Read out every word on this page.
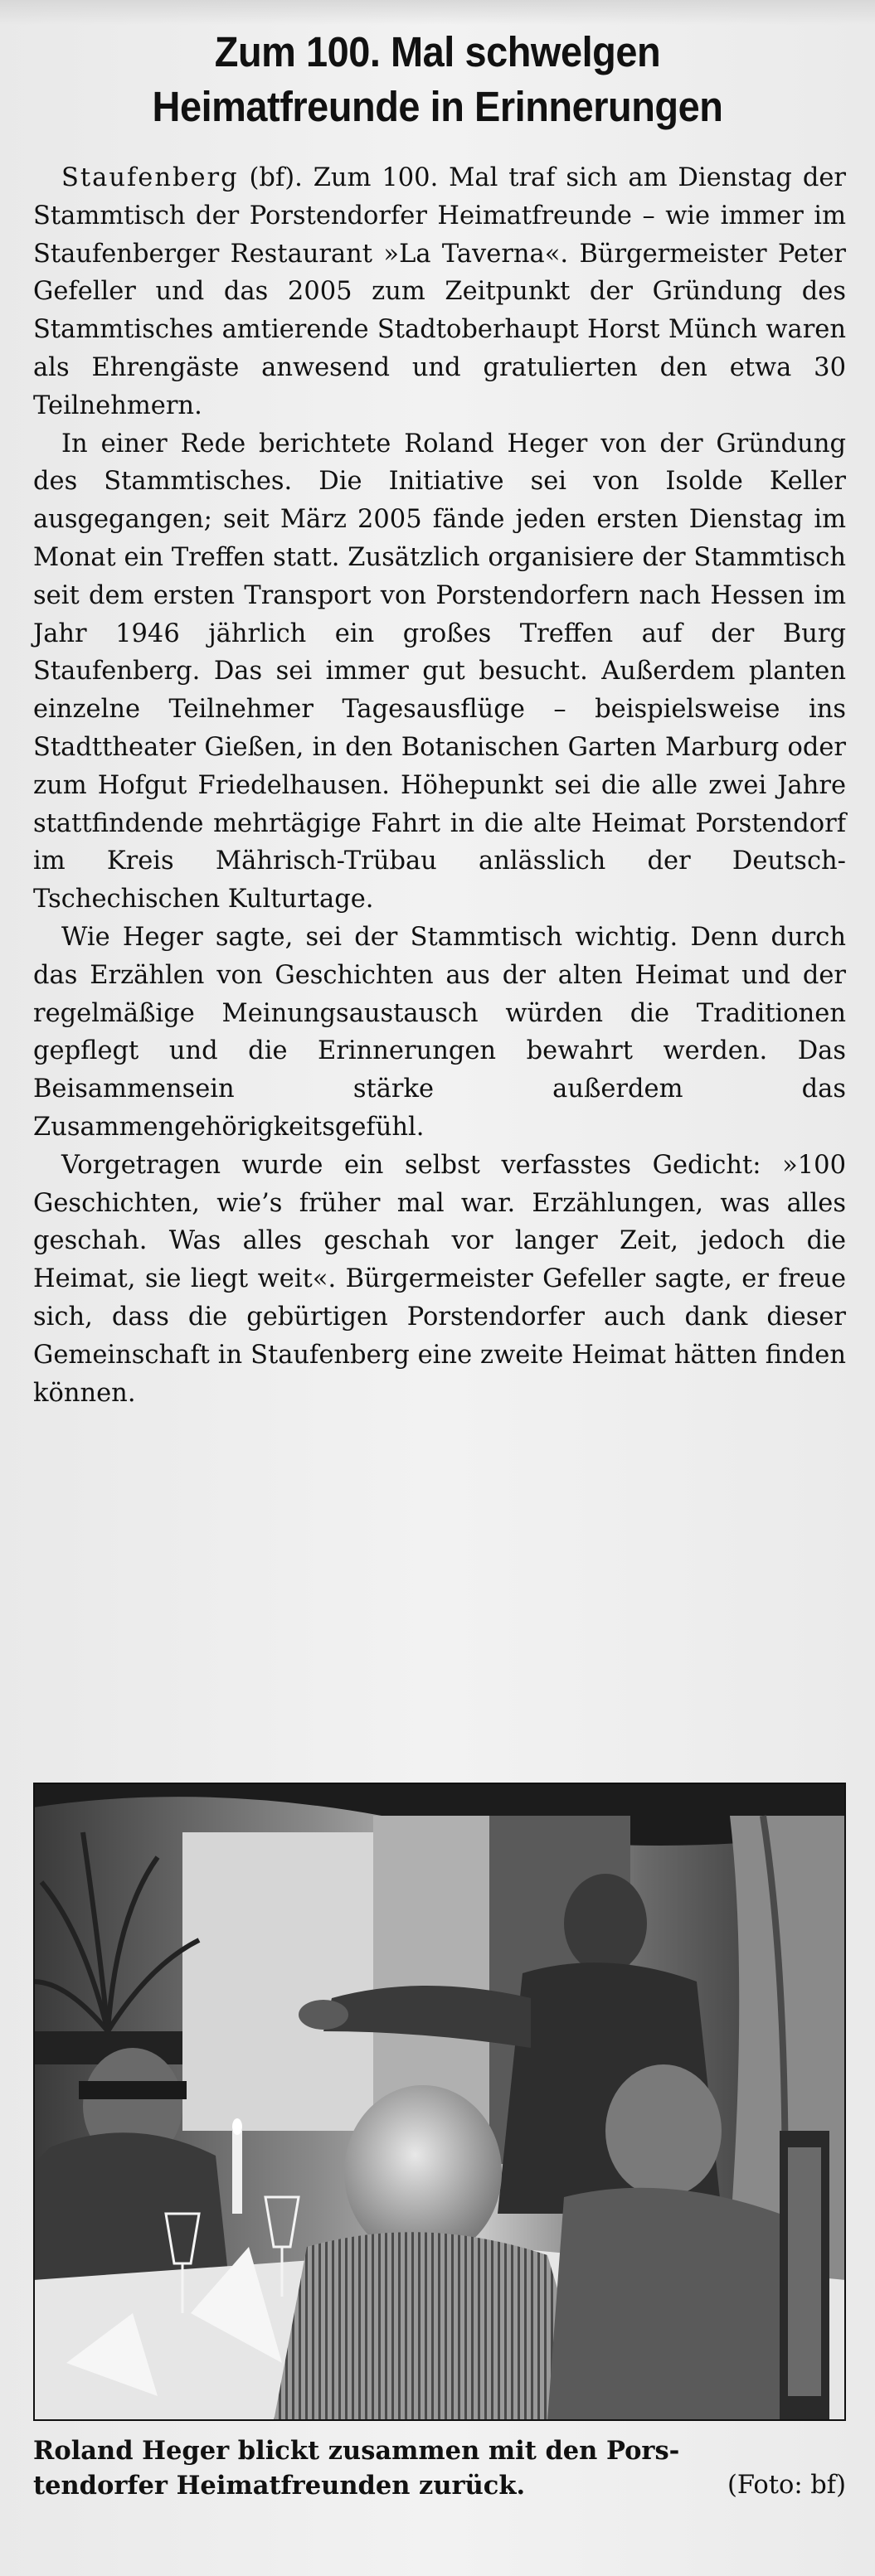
Zum 100. Mal schwelgen
Heimatfreunde in Erinnerungen

Staufenberg (bf). Zum 100. Mal traf sich am Dienstag der Stammtisch der Porstendorfer Heimatfreunde – wie immer im Staufenberger Restaurant »La Taverna«. Bürgermeister Peter Gefeller und das 2005 zum Zeitpunkt der Gründung des Stammtisches amtierende Stadtoberhaupt Horst Münch waren als Ehrengäste anwesend und gratulierten den etwa 30 Teilnehmern.

In einer Rede berichtete Roland Heger von der Gründung des Stammtisches. Die Initiative sei von Isolde Keller ausgegangen; seit März 2005 fände jeden ersten Dienstag im Monat ein Treffen statt. Zusätzlich organisiere der Stammtisch seit dem ersten Transport von Porstendorfern nach Hessen im Jahr 1946 jährlich ein großes Treffen auf der Burg Staufenberg. Das sei immer gut besucht. Außerdem planten einzelne Teilnehmer Tagesausflüge – beispielsweise ins Stadttheater Gießen, in den Botanischen Garten Marburg oder zum Hofgut Friedelhausen. Höhepunkt sei die alle zwei Jahre stattfindende mehrtägige Fahrt in die alte Heimat Porstendorf im Kreis Mährisch-Trübau anlässlich der Deutsch-Tschechischen Kulturtage.

Wie Heger sagte, sei der Stammtisch wichtig. Denn durch das Erzählen von Geschichten aus der alten Heimat und der regelmäßige Meinungsaustausch würden die Traditionen gepflegt und die Erinnerungen bewahrt werden. Das Beisammensein stärke außerdem das Zusammengehörigkeitsgefühl.

Vorgetragen wurde ein selbst verfasstes Gedicht: »100 Geschichten, wie’s früher mal war. Erzählungen, was alles geschah. Was alles geschah vor langer Zeit, jedoch die Heimat, sie liegt weit«. Bürgermeister Gefeller sagte, er freue sich, dass die gebürtigen Porstendorfer auch dank dieser Gemeinschaft in Staufenberg eine zweite Heimat hätten finden können.

Roland Heger blickt zusammen mit den Pors-
tendorfer Heimatfreunden zurück.	(Foto: bf)
